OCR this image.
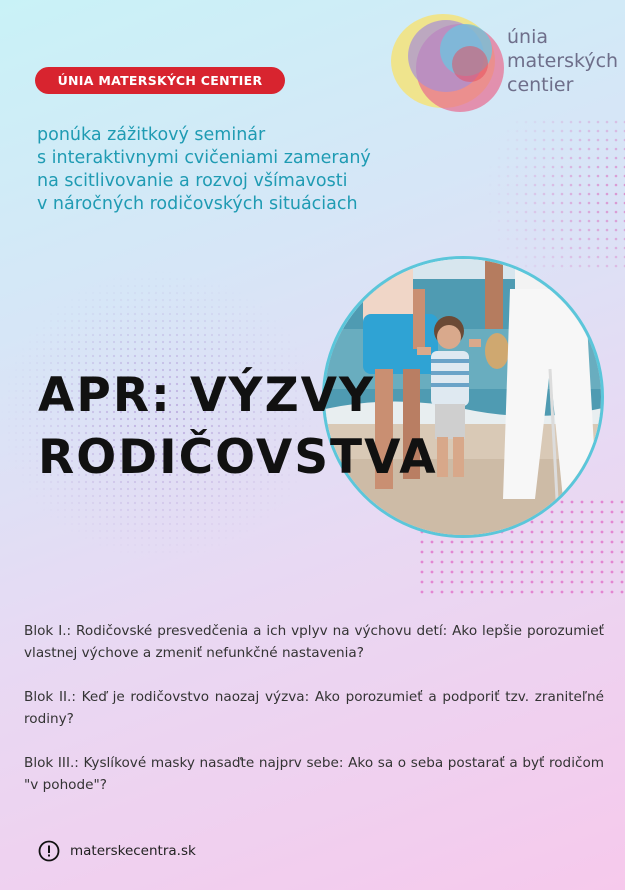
ÚNIA MATERSKÝCH CENTIER
únia
materských
centier
ponúka zážitkový seminár
s interaktivnymi cvičeniami zameraný
na scitlivovanie a rozvoj všímavosti
v náročných rodičovských situáciach
APR: VÝZVY
RODIČOVSTVA
Blok I.: Rodičovské presvedčenia a ich vplyv na výchovu detí: Ako lepšie porozumieť vlastnej výchove a zmeniť nefunkčné nastavenia?
Blok II.: Keď je rodičovstvo naozaj výzva: Ako porozumieť a podporiť tzv. zraniteľné rodiny?
Blok III.: Kyslíkové masky nasaďte najprv sebe: Ako sa o seba postarať a byť rodičom "v pohode"?
materskecentra.sk
